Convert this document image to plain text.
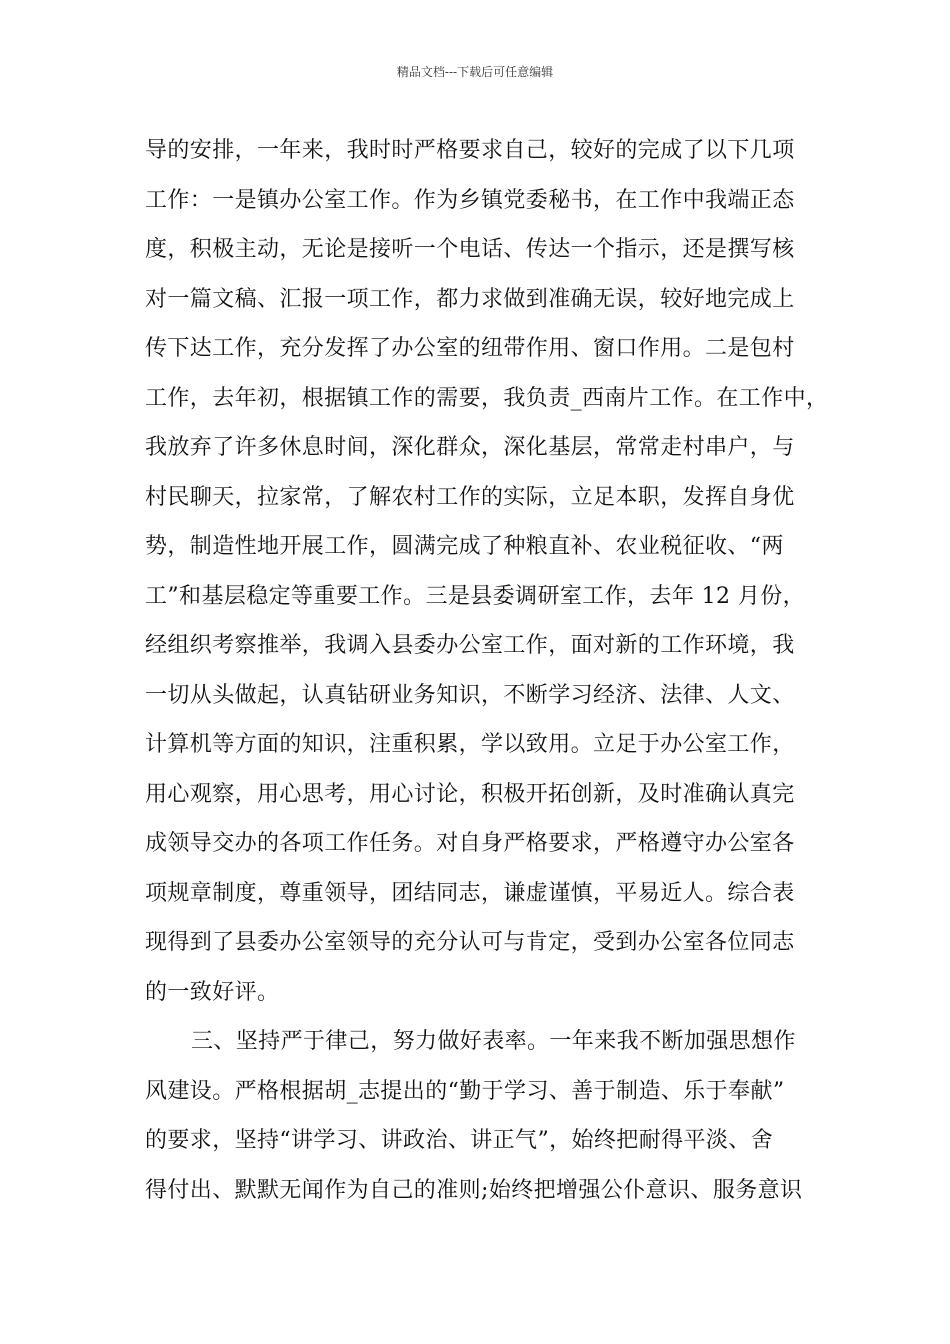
精品文档---下载后可任意编辑
导的安排，一年来，我时时严格要求自己，较好的完成了以下几项
工作：一是镇办公室工作。作为乡镇党委秘书，在工作中我端正态
度，积极主动，无论是接听一个电话、传达一个指示，还是撰写核
对一篇文稿、汇报一项工作，都力求做到准确无误，较好地完成上
传下达工作，充分发挥了办公室的纽带作用、窗口作用。二是包村
工作，去年初，根据镇工作的需要，我负责_西南片工作。在工作中，
我放弃了许多休息时间，深化群众，深化基层，常常走村串户，与
村民聊天，拉家常，了解农村工作的实际，立足本职，发挥自身优
势，制造性地开展工作，圆满完成了种粮直补、农业税征收、“两
工”和基层稳定等重要工作。三是县委调研室工作，去年 12 月份，
经组织考察推举，我调入县委办公室工作，面对新的工作环境，我
一切从头做起，认真钻研业务知识，不断学习经济、法律、人文、
计算机等方面的知识，注重积累，学以致用。立足于办公室工作，
用心观察，用心思考，用心讨论，积极开拓创新，及时准确认真完
成领导交办的各项工作任务。对自身严格要求，严格遵守办公室各
项规章制度，尊重领导，团结同志，谦虚谨慎，平易近人。综合表
现得到了县委办公室领导的充分认可与肯定，受到办公室各位同志
的一致好评。
三、坚持严于律己，努力做好表率。一年来我不断加强思想作
风建设。严格根据胡_志提出的“勤于学习、善于制造、乐于奉献”
的要求，坚持“讲学习、讲政治、讲正气”，始终把耐得平淡、舍
得付出、默默无闻作为自己的准则;始终把增强公仆意识、服务意识
